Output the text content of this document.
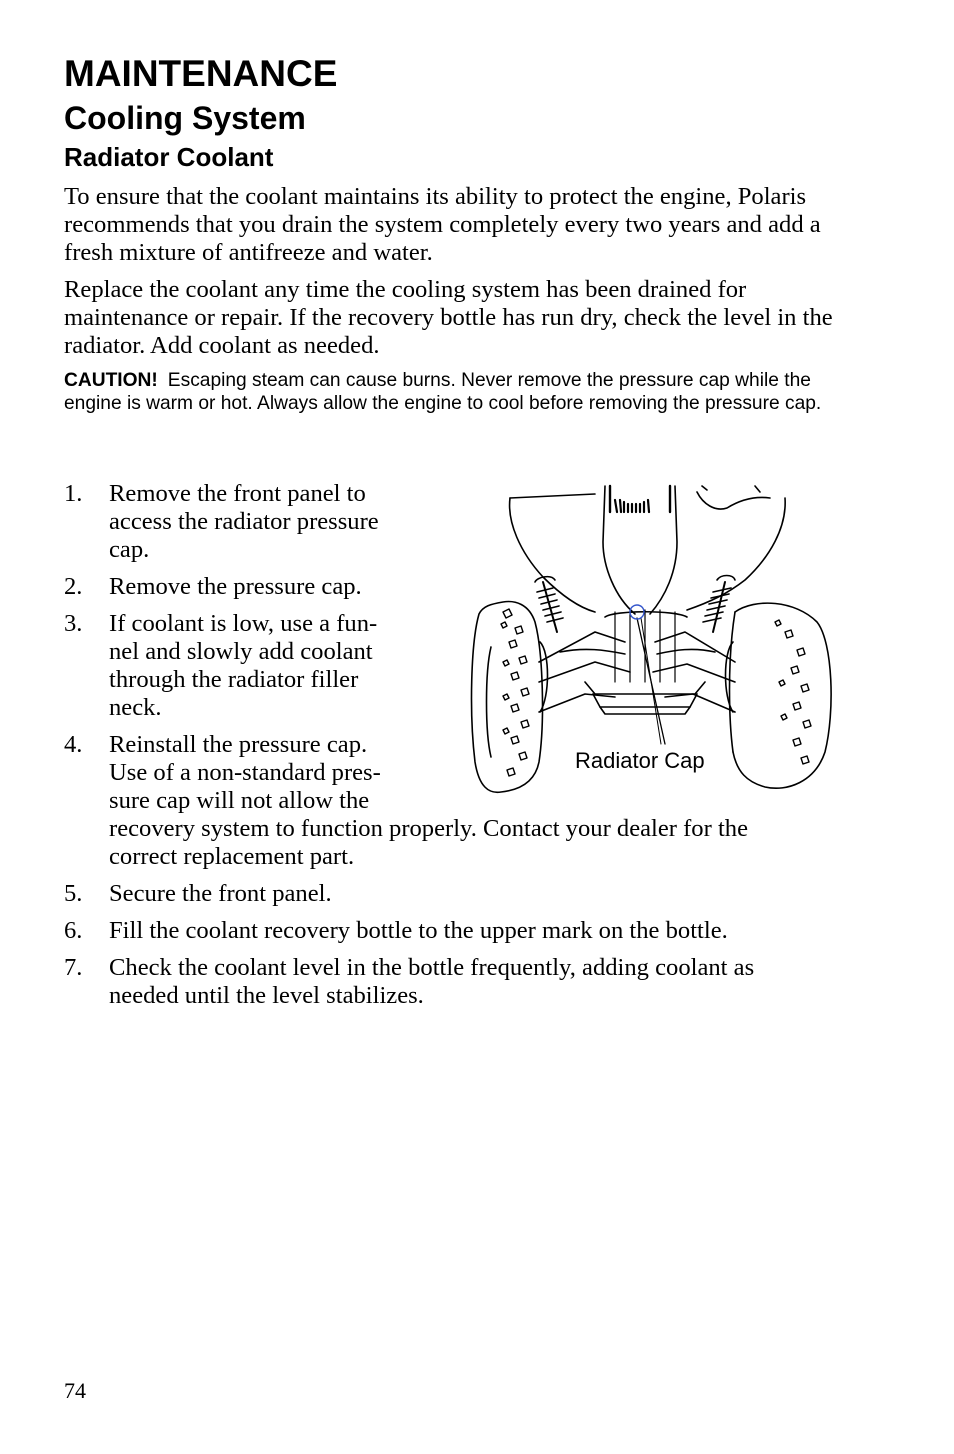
MAINTENANCE
Cooling System
Radiator Coolant

To ensure that the coolant maintains its ability to protect the engine, Polaris recommends that you drain the system completely every two years and add a fresh mixture of antifreeze and water.

Replace the coolant any time the cooling system has been drained for maintenance or repair. If the recovery bottle has run dry, check the level in the radiator. Add coolant as needed.

CAUTION! Escaping steam can cause burns. Never remove the pressure cap while the engine is warm or hot. Always allow the engine to cool before removing the pressure cap.

1. Remove the front panel to
access the radiator pressure
cap.
2. Remove the pressure cap.
3. If coolant is low, use a fun-
nel and slowly add coolant
through the radiator filler
neck.
4. Reinstall the pressure cap.
Use of a non-standard pres-
sure cap will not allow the
recovery system to function properly. Contact your dealer for the
correct replacement part.
5. Secure the front panel.
6. Fill the coolant recovery bottle to the upper mark on the bottle.
7. Check the coolant level in the bottle frequently, adding coolant as
needed until the level stabilizes.
Radiator Cap
74
